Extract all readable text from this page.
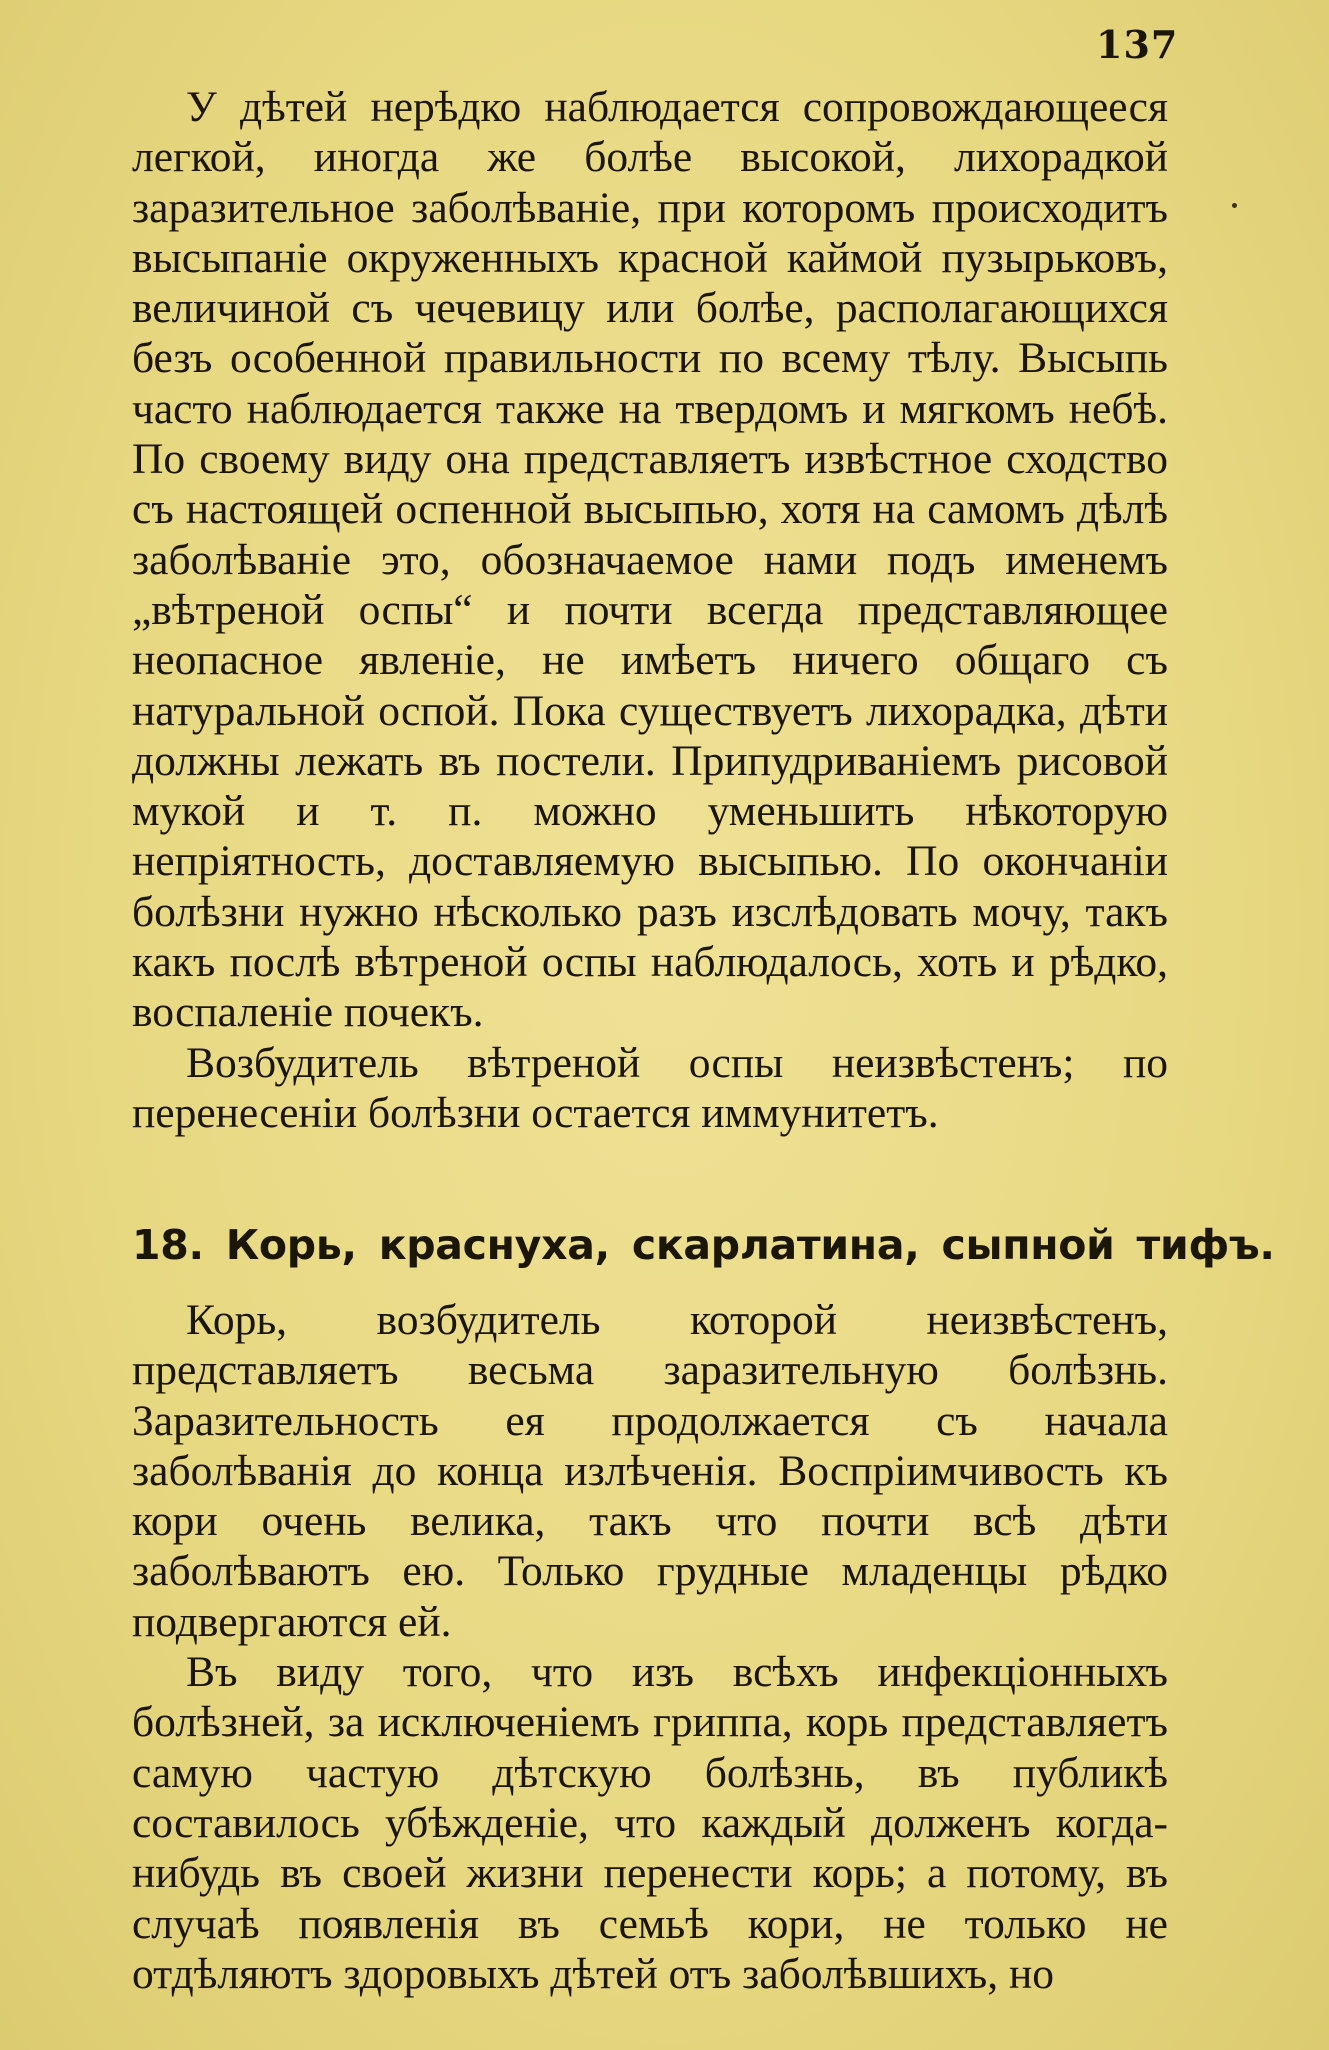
137

У дѣтей нерѣдко наблюдается сопровождающееся легкой, иногда же болѣе высокой, лихорадкой заразительное заболѣваніе, при которомъ происходитъ высыпаніе окруженныхъ красной каймой пузырьковъ, величиной съ чечевицу или болѣе, располагающихся безъ особенной правильности по всему тѣлу. Высыпь часто наблюдается также на твердомъ и мягкомъ небѣ. По своему виду она представляетъ извѣстное сходство съ настоящей оспенной высыпью, хотя на самомъ дѣлѣ заболѣваніе это, обозначаемое нами подъ именемъ „вѣтреной оспы“ и почти всегда представляющее неопасное явленіе, не имѣетъ ничего общаго съ натуральной оспой. Пока существуетъ лихорадка, дѣти должны лежать въ постели. Припудриваніемъ рисовой мукой и т. п. можно уменьшить нѣкоторую непріятность, доставляемую высыпью. По окончаніи болѣзни нужно нѣсколько разъ изслѣдовать мочу, такъ какъ послѣ вѣтреной оспы наблюдалось, хоть и рѣдко, воспаленіе почекъ.

Возбудитель вѣтреной оспы неизвѣстенъ; по перенесеніи болѣзни остается иммунитетъ.

18. Корь, краснуха, скарлатина, сыпной тифъ.

Корь, возбудитель которой неизвѣстенъ, представляетъ весьма заразительную болѣзнь. Заразительность ея продолжается съ начала заболѣванія до конца излѣченія. Воспріимчивость къ кори очень велика, такъ что почти всѣ дѣти заболѣваютъ ею. Только грудные младенцы рѣдко подвергаются ей.

Въ виду того, что изъ всѣхъ инфекціонныхъ болѣзней, за исключеніемъ гриппа, корь представляетъ самую частую дѣтскую болѣзнь, въ публикѣ составилось убѣжденіе, что каждый долженъ когда-нибудь въ своей жизни перенести корь; а потому, въ случаѣ появленія въ семьѣ кори, не только не отдѣляютъ здоровыхъ дѣтей отъ заболѣвшихъ, но
